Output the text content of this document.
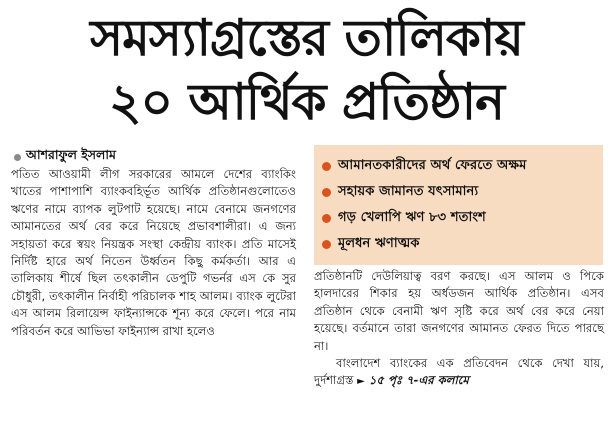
সমস্যাগ্রস্তের তালিকায়
২০ আর্থিক প্রতিষ্ঠান
আশরাফুল ইসলাম

পতিত আওয়ামী লীগ সরকারের আমলে দেশের ব্যাংকিং খাতের পাশাপাশি ব্যাংকবহির্ভূত আর্থিক প্রতিষ্ঠানগুলোতেও ঋণের নামে ব্যাপক লুটপাট হয়েছে। নামে বেনামে জনগণের আমানতের অর্থ বের করে নিয়েছে প্রভাবশালীরা। এ জন্য সহায়তা করে স্বয়ং নিয়ন্ত্রক সংস্থা কেন্দ্রীয় ব্যাংক। প্রতি মাসেই নির্দিষ্ট হারে অর্থ নিতেন উর্ধ্বতন কিছু কর্মকর্তা। আর এ তালিকায় শীর্ষে ছিল তৎকালীন ডেপুটি গভর্নর এস কে সুর চৌধুরী, তৎকালীন নির্বাহী পরিচালক শাহ আলম। ব্যাংক লুটেরা এস আলম রিলায়েন্স ফাইন্যান্সকে শূন্য করে ফেলে। পরে নাম পরিবর্তন করে আভিভা ফাইন্যান্স রাখা হলেও

আমানতকারীদের অর্থ ফেরতে অক্ষম
সহায়ক জামানত যৎসামান্য
গড় খেলাপি ঋণ ৮৩ শতাংশ
মূলধন ঋণাত্মক

প্রতিষ্ঠানটি দেউলিয়াত্ব বরণ করছে। এস আলম ও পিকে হালদারের শিকার হয় অর্ধডজন আর্থিক প্রতিষ্ঠান। এসব প্রতিষ্ঠান থেকে বেনামী ঋণ সৃষ্টি করে অর্থ বের করে নেয়া হয়েছে। বর্তমানে তারা জনগণের আমানত ফেরত দিতে পারছে না।

বাংলাদেশ ব্যাংকের এক প্রতিবেদন থেকে দেখা যায়, দুর্দশাগ্রস্ত ► ১৫ পৃঃ ৭-এর কলামে
